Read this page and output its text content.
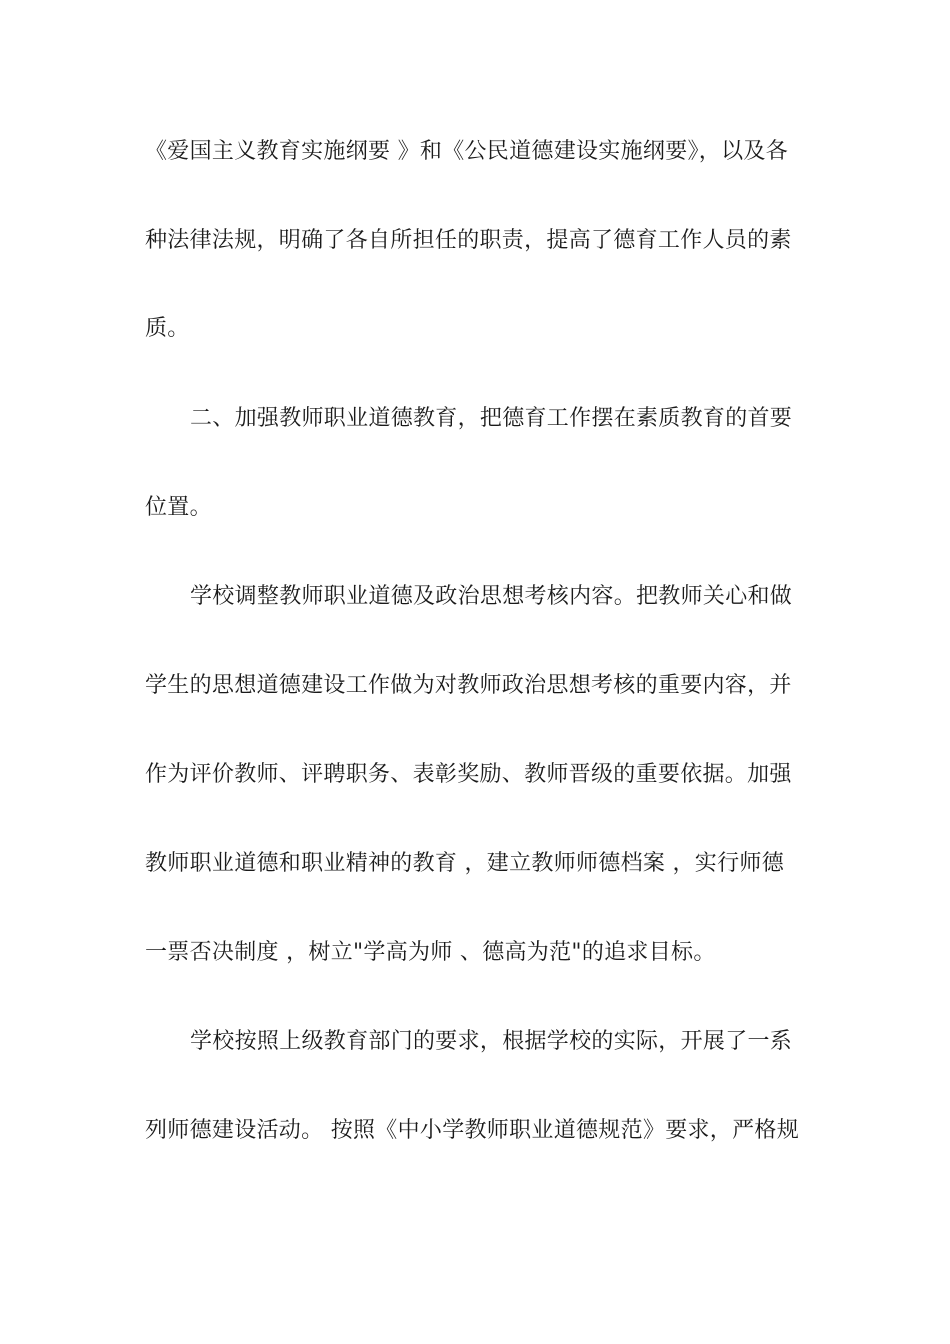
《爱国主义教育实施纲要 》和《公民道德建设实施纲要》，以及各
种法律法规，明确了各自所担任的职责，提高了德育工作人员的素
质。
二、加强教师职业道德教育，把德育工作摆在素质教育的首要
位置。
学校调整教师职业道德及政治思想考核内容。把教师关心和做
学生的思想道德建设工作做为对教师政治思想考核的重要内容，并
作为评价教师、评聘职务、表彰奖励、教师晋级的重要依据。加强
教师职业道德和职业精神的教育 ，建立教师师德档案 ，实行师德
一票否决制度 ，树立"学高为师 、德高为范"的追求目标。
学校按照上级教育部门的要求，根据学校的实际，开展了一系
列师德建设活动。 按照《中小学教师职业道德规范》要求，严格规
